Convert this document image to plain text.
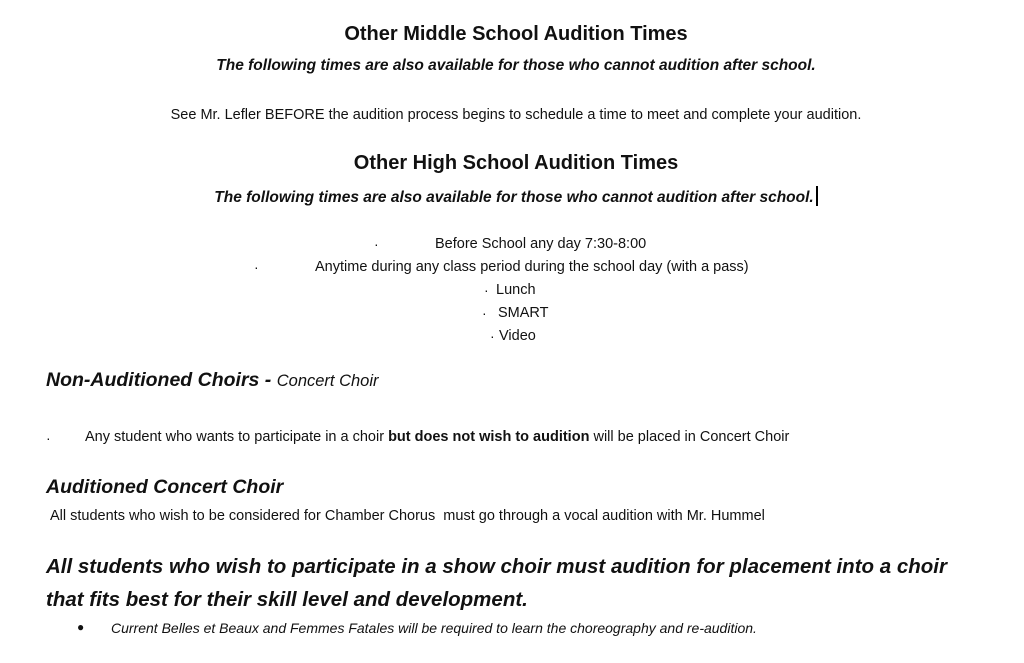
Other Middle School Audition Times
The following times are also available for those who cannot audition after school.
See Mr. Lefler BEFORE the audition process begins to schedule a time to meet and complete your audition.
Other High School Audition Times
The following times are also available for those who cannot audition after school.
·	Before School any day 7:30-8:00
·	Anytime during any class period during the school day (with a pass)
· Lunch
· SMART
· Video
Non-Auditioned Choirs - Concert Choir
· Any student who wants to participate in a choir but does not wish to audition will be placed in Concert Choir
Auditioned Concert Choir
All students who wish to be considered for Chamber Chorus  must go through a vocal audition with Mr. Hummel
All students who wish to participate in a show choir must audition for placement into a choir
that fits best for their skill level and development.
● Current Belles et Beaux and Femmes Fatales will be required to learn the choreography and re-audition.
